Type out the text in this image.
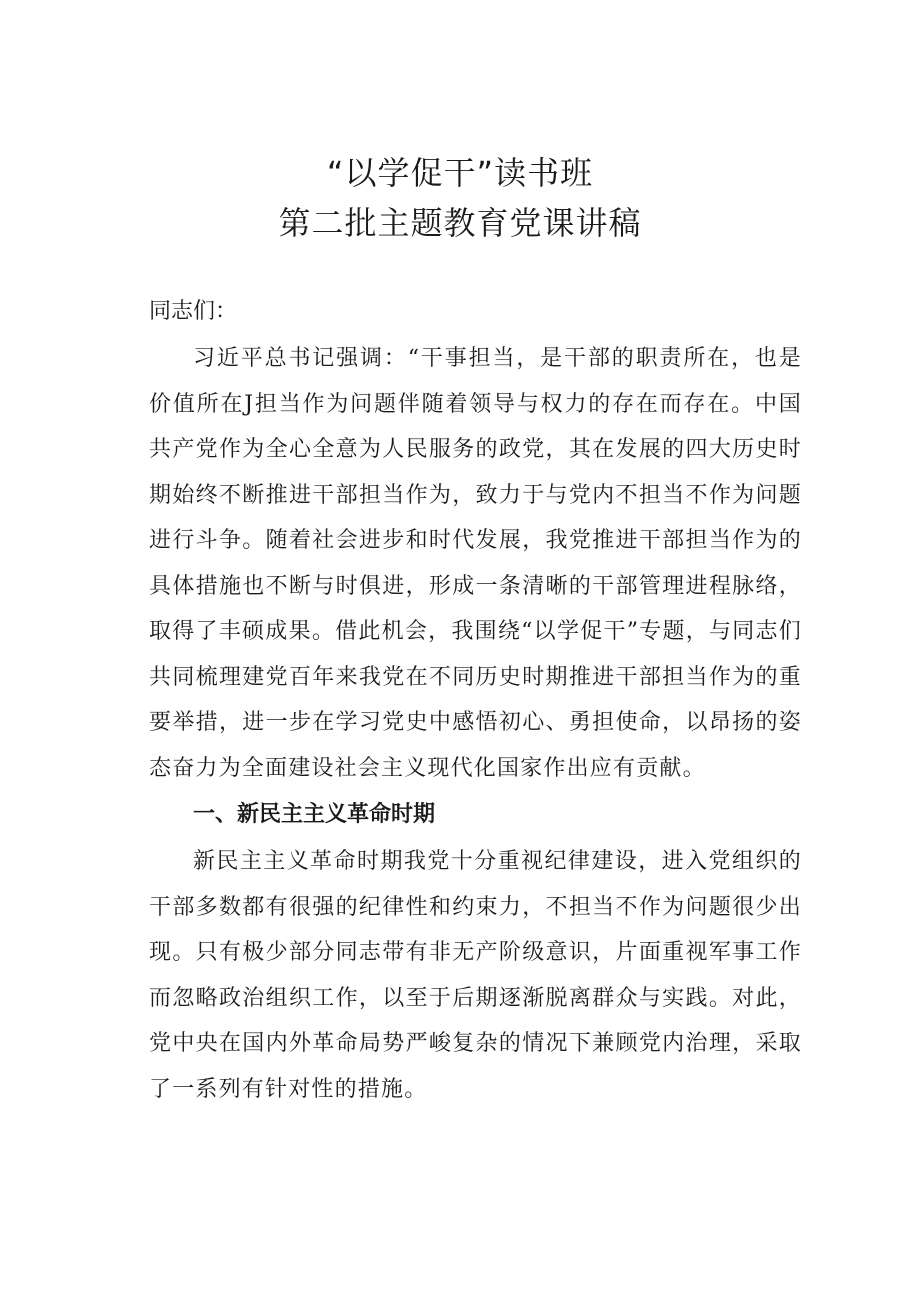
“以学促干”读书班
第二批主题教育党课讲稿

同志们：

习近平总书记强调：“干事担当，是干部的职责所在，也是价值所在J担当作为问题伴随着领导与权力的存在而存在。中国共产党作为全心全意为人民服务的政党，其在发展的四大历史时期始终不断推进干部担当作为，致力于与党内不担当不作为问题进行斗争。随着社会进步和时代发展，我党推进干部担当作为的具体措施也不断与时俱进，形成一条清晰的干部管理进程脉络，取得了丰硕成果。借此机会，我围绕“以学促干”专题，与同志们共同梳理建党百年来我党在不同历史时期推进干部担当作为的重要举措，进一步在学习党史中感悟初心、勇担使命，以昂扬的姿态奋力为全面建设社会主义现代化国家作出应有贡献。

一、新民主主义革命时期

新民主主义革命时期我党十分重视纪律建设，进入党组织的干部多数都有很强的纪律性和约束力，不担当不作为问题很少出现。只有极少部分同志带有非无产阶级意识，片面重视军事工作而忽略政治组织工作，以至于后期逐渐脱离群众与实践。对此，党中央在国内外革命局势严峻复杂的情况下兼顾党内治理，采取了一系列有针对性的措施。
